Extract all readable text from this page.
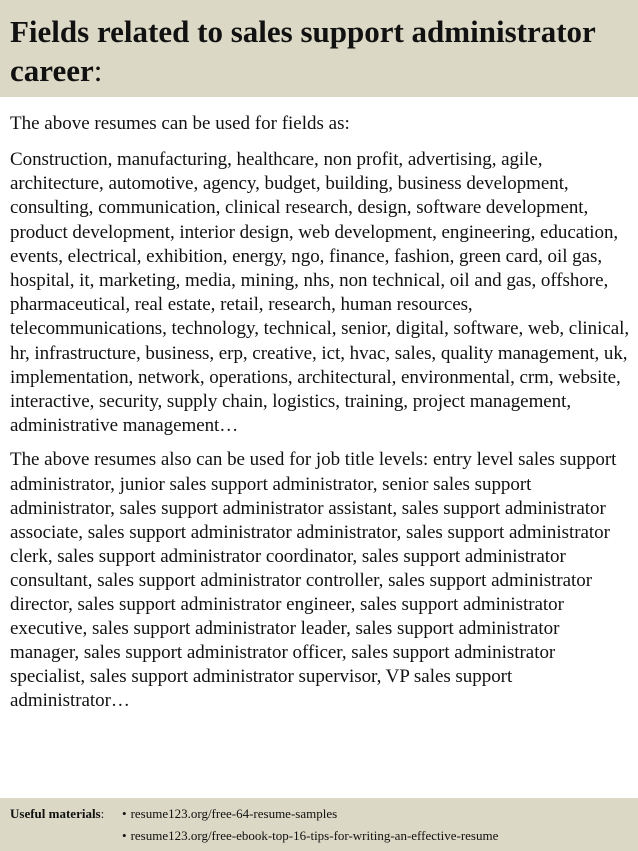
Fields related to sales support administrator career:

The above resumes can be used for fields as:

Construction, manufacturing, healthcare, non profit, advertising, agile, architecture, automotive, agency, budget, building, business development, consulting, communication, clinical research, design, software development, product development, interior design, web development, engineering, education, events, electrical, exhibition, energy, ngo, finance, fashion, green card, oil gas, hospital, it, marketing, media, mining, nhs, non technical, oil and gas, offshore, pharmaceutical, real estate, retail, research, human resources, telecommunications, technology, technical, senior, digital, software, web, clinical, hr, infrastructure, business, erp, creative, ict, hvac, sales, quality management, uk, implementation, network, operations, architectural, environmental, crm, website, interactive, security, supply chain, logistics, training, project management, administrative management…

The above resumes also can be used for job title levels: entry level sales support administrator, junior sales support administrator, senior sales support administrator, sales support administrator assistant, sales support administrator associate, sales support administrator administrator, sales support administrator clerk, sales support administrator coordinator, sales support administrator consultant, sales support administrator controller, sales support administrator director, sales support administrator engineer, sales support administrator executive, sales support administrator leader, sales support administrator manager, sales support administrator officer, sales support administrator specialist, sales support administrator supervisor, VP sales support administrator…

Useful materials:	• resume123.org/free-64-resume-samples
• resume123.org/free-ebook-top-16-tips-for-writing-an-effective-resume
